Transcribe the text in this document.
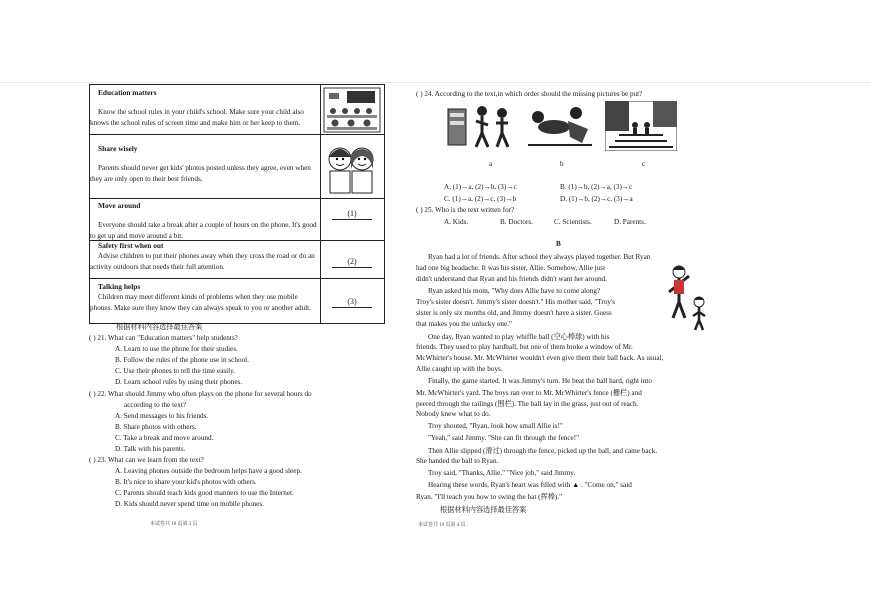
Education matters
Know the school rules in your child's school. Make sure your child also knows the school rules of screen time and make him or her keep to them.
Share wisely
Parents should never get kids' photos posted unless they agree, even when they are only open to their best friends.
Move around
Everyone should take a break after a couple of hours on the phone. It's good to get up and move around a bit.
(1)
Safety first when out
Advise children to put their phones away when they cross the road or do an activity outdoors that needs their full attention.
(2)
Talking helps
Children may meet different kinds of problems when they use mobile phones. Make sure they know they can always speak to you or another adult.
(3)
根据材料内容选择最佳答案
( ) 21. What can "Education matters" help students?
A. Learn to use the phone for their studies.
B. Follow the rules of the phone use in school.
C. Use their phones to tell the time easily.
D. Learn school rules by using their phones.
( ) 22. What should Jimmy who often plays on the phone for several hours do
according to the text?
A. Send messages to his friends.
B. Share photos with others.
C. Take a break and move around.
D. Talk with his parents.
( ) 23. What can we learn from the text?
A. Leaving phones outside the bedroom helps have a good sleep.
B. It's nice to share your kid's photos with others.
C. Parents should teach kids good manners to use the Internet.
D. Kids should never spend time on mobile phones.
本试卷共 10 页第 3 页
( ) 24. According to the text,in which order should the missing pictures be put?
a	b	c
A. (1)→a, (2)→b, (3)→c	B. (1)→b, (2)→a, (3)→c
C. (1)→a, (2)→c, (3)→b	D. (1)→b, (2)→c, (3)→a
( ) 25. Who is the text written for?
A. Kids.	B. Doctors.	C. Scientists.	D. Parents.
B
Ryan had a lot of friends. After school they always played together. But Ryan
had one big headache. It was his sister, Allie. Somehow, Allie just
didn't understand that Ryan and his friends didn't want her around.
Ryan asked his mom, "Why does Allie have to come along?
Troy's sister doesn't. Jimmy's sister doesn't." His mother said, "Troy's
sister is only six months old, and Jimmy doesn't have a sister. Guess
that makes you the unlucky one."
One day, Ryan wanted to play whiffle ball (空心棒球) with his
friends. They used to play hardball, but one of them broke a window of Mr.
McWhirter's house. Mr. McWhirter wouldn't even give them their ball back. As usual,
Allie caught up with the boys.
Finally, the game started. It was Jimmy's turn. He beat the ball hard, right into
Mr. McWhirter's yard. The boys ran over to Mr. McWhirter's fence (栅栏) and
peered through the railings (围栏). The ball lay in the grass, just out of reach.
Nobody knew what to do.
Troy shouted, "Ryan, look how small Allie is!"
"Yeah," said Jimmy. "She can fit through the fence!"
Then Allie slipped (滑过) through the fence, picked up the ball, and came back.
She handed the ball to Ryan.
Troy said, "Thanks, Allie." "Nice job," said Jimmy.
Hearing these words, Ryan's heart was filled with ▲ . "Come on," said
Ryan. "I'll teach you how to swing the bat (挥棒)."
根据材料内容选择最佳答案
本试卷共 10 页第 4 页
